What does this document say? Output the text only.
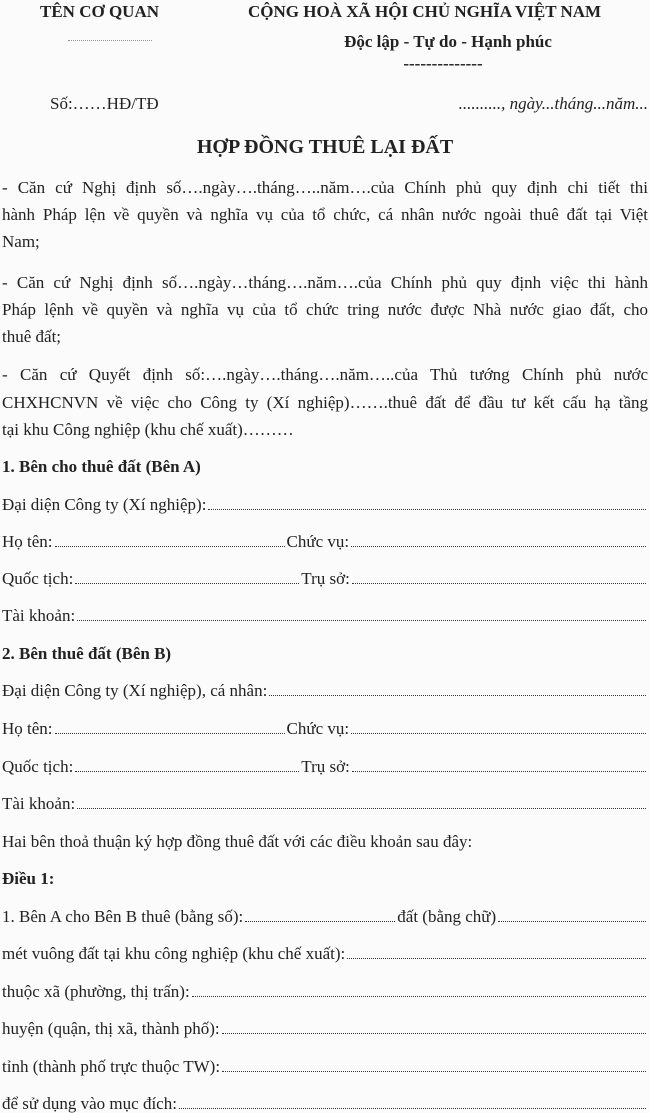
TÊN CƠ QUAN	CỘNG HOÀ XÃ HỘI CHỦ NGHĨA VIỆT NAM
Độc lập - Tự do - Hạnh phúc
--------------
Số:……HĐ/TĐ	.........., ngày...tháng...năm...
HỢP ĐỒNG THUÊ LẠI ĐẤT
- Căn cứ Nghị định số….ngày….tháng…..năm….của Chính phủ quy định chi tiết thi
hành Pháp lện về quyền và nghĩa vụ của tổ chức, cá nhân nước ngoài thuê đất tại Việt
Nam;
- Căn cứ Nghị định số….ngày…tháng….năm….của Chính phủ quy định việc thi hành
Pháp lệnh về quyền và nghĩa vụ của tổ chức tring nước được Nhà nước giao đất, cho
thuê đất;
- Căn cứ Quyết định số:….ngày….tháng….năm…..của Thủ tướng Chính phủ nước
CHXHCNVN về việc cho Công ty (Xí nghiệp)…….thuê đất để đầu tư kết cấu hạ tầng
tại khu Công nghiệp (khu chế xuất)………
1. Bên cho thuê đất (Bên A)
Đại diện Công ty (Xí nghiệp):
Họ tên:	Chức vụ:
Quốc tịch:	Trụ sở:
Tài khoản:
2. Bên thuê đất (Bên B)
Đại diện Công ty (Xí nghiệp), cá nhân:
Họ tên:	Chức vụ:
Quốc tịch:	Trụ sở:
Tài khoản:
Hai bên thoả thuận ký hợp đồng thuê đất với các điều khoản sau đây:
Điều 1:
1. Bên A cho Bên B thuê (bằng số):	đất (bằng chữ)
mét vuông đất tại khu công nghiệp (khu chế xuất):
thuộc xã (phường, thị trấn):
huyện (quận, thị xã, thành phố):
tỉnh (thành phố trực thuộc TW):
để sử dụng vào mục đích:
